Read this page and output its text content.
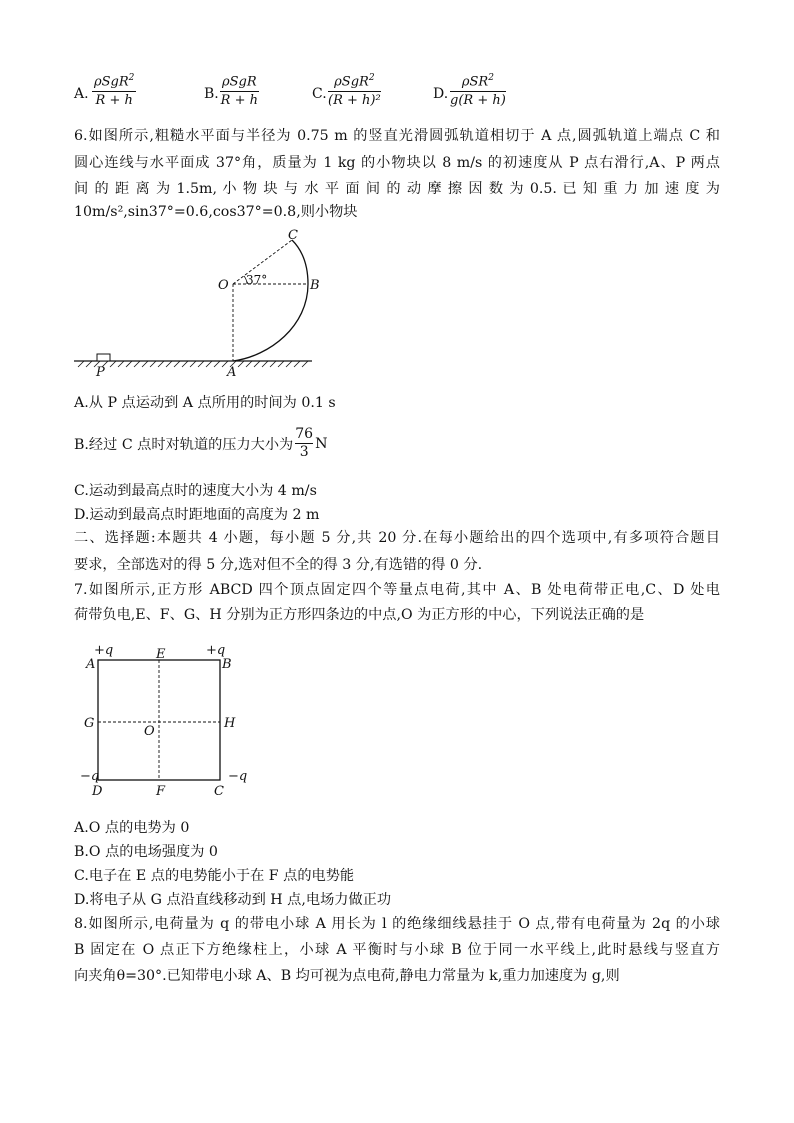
A.
ρSgR$^2$
R + h	B.
ρSgR
R + h	C.
ρSgR$^2$
(R + h)²	D.
ρSR$^2$
g(R + h)
6.如图所示,粗糙水平面与半径为 0.75 m 的竖直光滑圆弧轨道相切于 A 点,圆弧轨道上端点 C 和
圆心连线与水平面成 37°角，质量为 1 kg 的小物块以 8 m/s 的初速度从 P 点右滑行,A、P 两点
间 的 距 离 为 1.5m, 小 物 块 与 水 平 面 间 的 动 摩 擦 因 数 为 0.5. 已 知 重 力 加 速 度 为
10m/s²,sin37°=0.6,cos37°=0.8,则小物块
C
O 37°	B
P	A
A.从 P 点运动到 A 点所用的时间为 0.1 s
B.经过 C 点时对轨道的压力大小为
76
3
N
C.运动到最高点时的速度大小为 4 m/s
D.运动到最高点时距地面的高度为 2 m
二、选择题:本题共 4 小题，每小题 5 分,共 20 分.在每小题给出的四个选项中,有多项符合题目
要求，全部选对的得 5 分,选对但不全的得 3 分,有选错的得 0 分.
7.如图所示,正方形 ABCD 四个顶点固定四个等量点电荷,其中 A、B 处电荷带正电,C、D 处电
荷带负电,E、F、G、H 分别为正方形四条边的中点,O 为正方形的中心，下列说法正确的是
+q
A
E	+q
B
G	H
O
−q	−q
D	F	C
A.O 点的电势为 0
B.O 点的电场强度为 0
C.电子在 E 点的电势能小于在 F 点的电势能
D.将电子从 G 点沿直线移动到 H 点,电场力做正功
8.如图所示,电荷量为 q 的带电小球 A 用长为 l 的绝缘细线悬挂于 O 点,带有电荷量为 2q 的小球
B 固定在 O 点正下方绝缘柱上，小球 A 平衡时与小球 B 位于同一水平线上,此时悬线与竖直方
向夹角θ=30°.已知带电小球 A、B 均可视为点电荷,静电力常量为 k,重力加速度为 g,则
